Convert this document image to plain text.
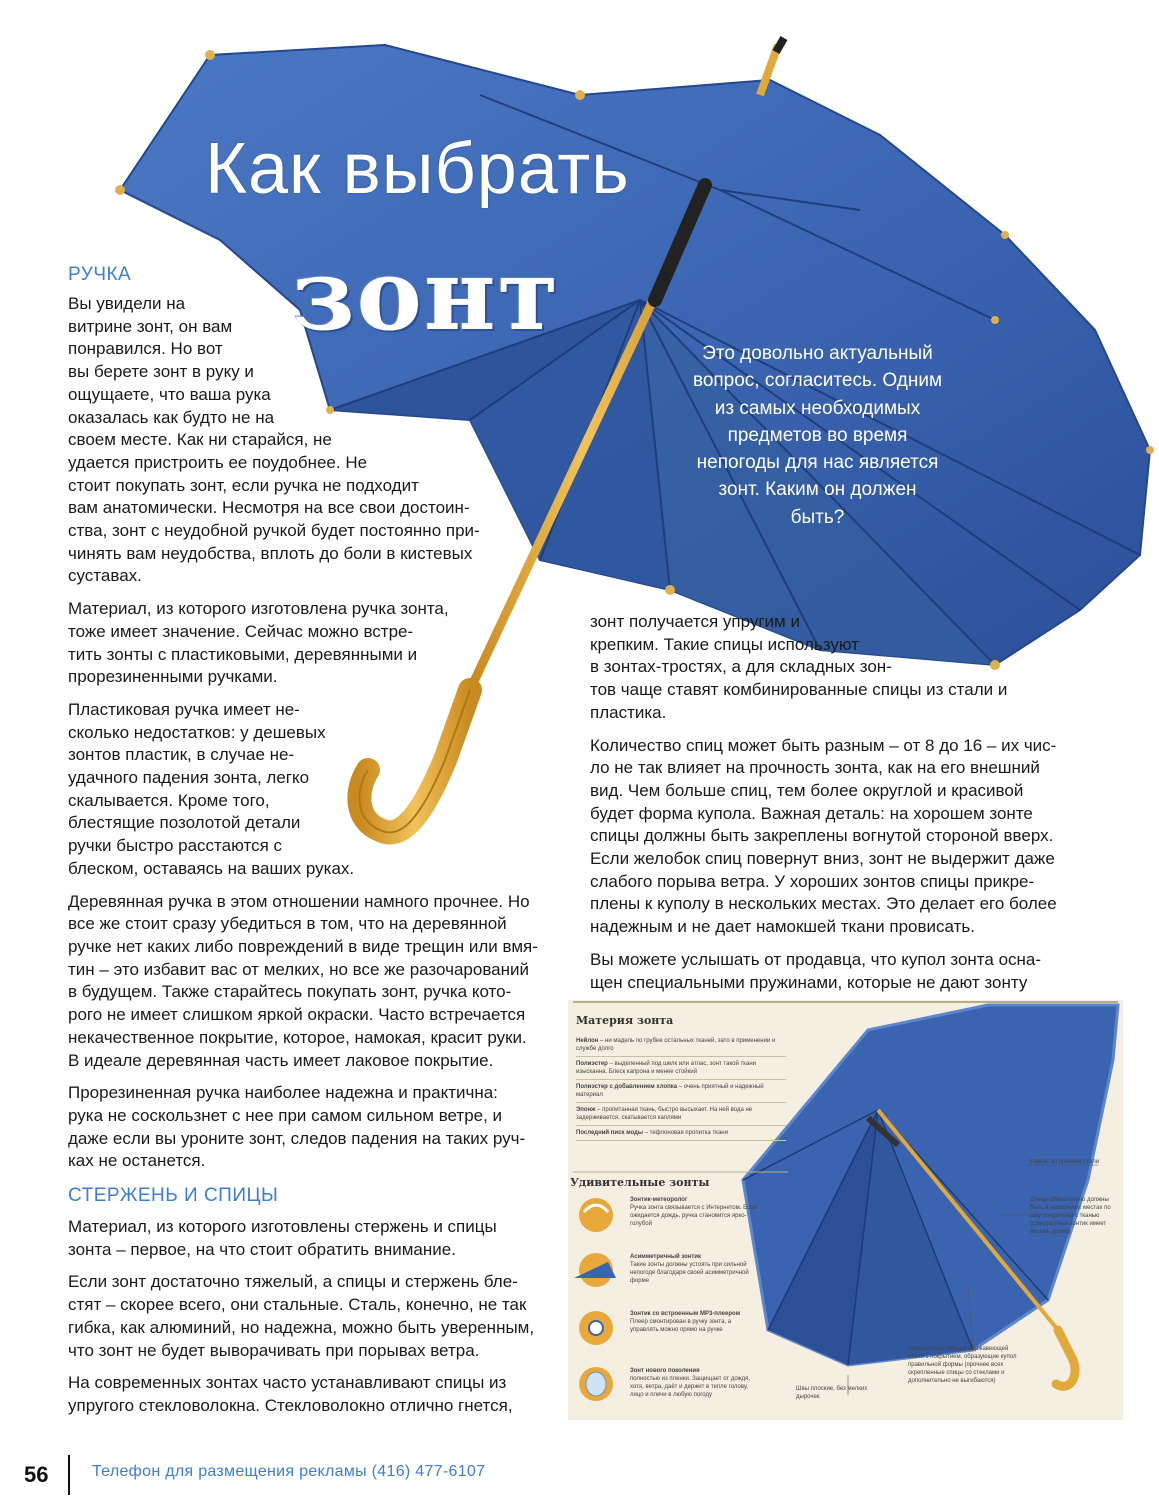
Как выбрать
зонт
Это довольно актуальный вопрос, согласитесь. Одним из самых необходимых предметов во время непогоды для нас является зонт. Каким он должен быть?
РУЧКА

Вы увидели на
витрине зонт, он вам
понравился. Но вот
вы берете зонт в руку и
ощущаете, что ваша рука
оказалась как будто не на
своем месте. Как ни старайся, не
удается пристроить ее поудобнее. Не
стоит покупать зонт, если ручка не подходит
вам анатомически. Несмотря на все свои достоин-
ства, зонт с неудобной ручкой будет постоянно при-
чинять вам неудобства, вплоть до боли в кистевых
суставах.

Материал, из которого изготовлена ручка зонта,
тоже имеет значение. Сейчас можно встре-
тить зонты с пластиковыми, деревянными и
прорезиненными ручками.

Пластиковая ручка имеет не-
сколько недостатков: у дешевых
зонтов пластик, в случае не-
удачного падения зонта, легко
скалывается. Кроме того,
блестящие позолотой детали
ручки быстро расстаются с
блеском, оставаясь на ваших руках.

Деревянная ручка в этом отношении намного прочнее. Но
все же стоит сразу убедиться в том, что на деревянной
ручке нет каких либо повреждений в виде трещин или вмя-
тин – это избавит вас от мелких, но все же разочарований
в будущем. Также старайтесь покупать зонт, ручка кото-
рого не имеет слишком яркой окраски. Часто встречается
некачественное покрытие, которое, намокая, красит руки.
В идеале деревянная часть имеет лаковое покрытие.

Прорезиненная ручка наиболее надежна и практична:
рука не соскользнет с нее при самом сильном ветре, и
даже если вы уроните зонт, следов падения на таких руч-
ках не останется.

СТЕРЖЕНЬ И СПИЦЫ

Материал, из которого изготовлены стержень и спицы
зонта – первое, на что стоит обратить внимание.

Если зонт достаточно тяжелый, а спицы и стержень бле-
стят – скорее всего, они стальные. Сталь, конечно, не так
гибка, как алюминий, но надежна, можно быть уверенным,
что зонт не будет выворачивать при порывах ветра.

На современных зонтах часто устанавливают спицы из
упругого стекловолокна. Стекловолокно отлично гнется,

зонт получается упругим и
крепким. Такие спицы используют
в зонтах-тростях, а для складных зон-
тов чаще ставят комбинированные спицы из стали и
пластика.

Количество спиц может быть разным – от 8 до 16 – их чис-
ло не так влияет на прочность зонта, как на его внешний
вид. Чем больше спиц, тем более округлой и красивой
будет форма купола. Важная деталь: на хорошем зонте
спицы должны быть закреплены вогнутой стороной вверх.
Если желобок спиц повернут вниз, зонт не выдержит даже
слабого порыва ветра. У хороших зонтов спицы прикре-
плены к куполу в нескольких местах. Это делает его более
надежным и не дает намокшей ткани провисать.

Вы можете услышать от продавца, что купол зонта осна-
щен специальными пружинами, которые не дают зонту

Материя зонта
Нейлон – ни мадель по грубее остальных тканей, зато в применении и службе долго
Полиэстер – выделенный под шелк или атлас, зонт такой ткани изысканна. Блеск капрона и менее стойкий
Полиэстер с добавлением хлопка – очень приятный и надежный материал
Эпонж – пропитанная ткань, быстро высыхает. На ней вода не задерживается, скатывается каплями
Последний писк моды – тефлоновая пропитка ткани
Удивительные зонты
Зонтик-метеоролог
Ручка зонта связывается с Интернетом. Если ожидается дождь, ручка становится ярко-голубой
Асимметричный зонтик
Такие зонты должны устоять при сильной непогоде благодаря своей асимметричной форме
Зонтик со встроенным MP3-плеером
Плеер смонтирован в ручку зонта, а управлять можно прямо на ручке
Зонт нового поколения
полностью из пленки. Защищает от дождя, хотя, ветра, даёт и держит в тепле голову, лицо и плечи в любую погоду
Каркас из прочной стали
Спицы обязательно должны быть в нескольких местах по шву соединены с тканью (стандартный зонтик имеет восемь долей)
Одинаковые спицы в нержавеющей стали с покрытием, образующие купол правильной формы (прочнее всех скрепленные спицы со стеклами и дополнительно не выгибаются)
Швы плоские, без мелких дырочек
56	Телефон для размещения рекламы (416) 477-6107
